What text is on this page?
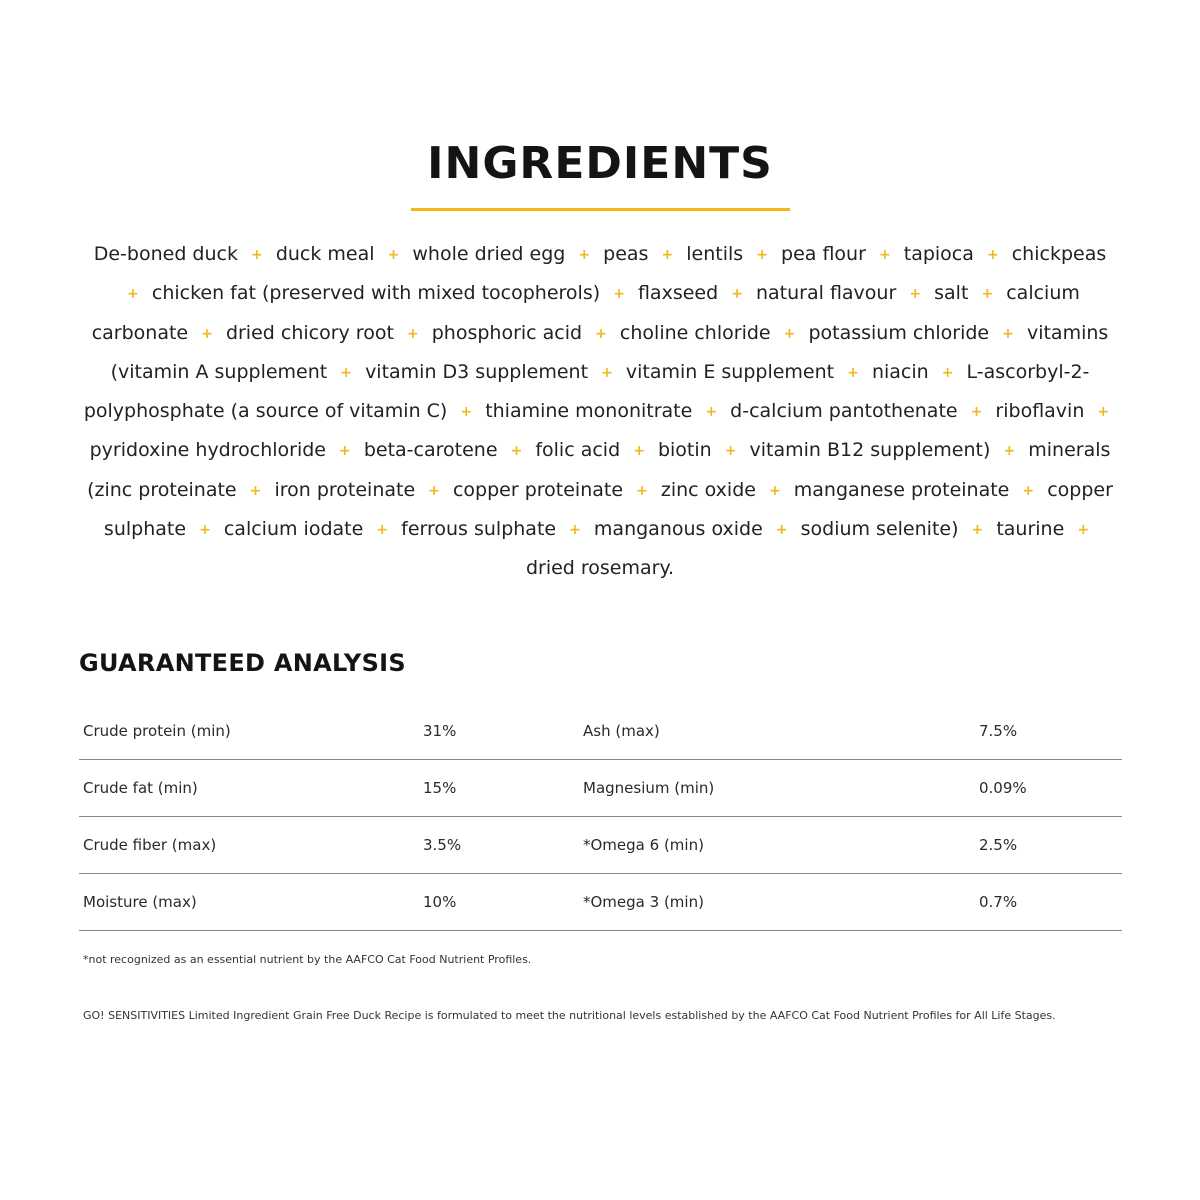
INGREDIENTS

De-boned duck + duck meal + whole dried egg + peas + lentils + pea flour + tapioca + chickpeas + chicken fat (preserved with mixed tocopherols) + flaxseed + natural flavour + salt + calcium carbonate + dried chicory root + phosphoric acid + choline chloride + potassium chloride + vitamins (vitamin A supplement + vitamin D3 supplement + vitamin E supplement + niacin + L-ascorbyl-2-polyphosphate (a source of vitamin C) + thiamine mononitrate + d-calcium pantothenate + riboflavin + pyridoxine hydrochloride + beta-carotene + folic acid + biotin + vitamin B12 supplement) + minerals (zinc proteinate + iron proteinate + copper proteinate + zinc oxide + manganese proteinate + copper sulphate + calcium iodate + ferrous sulphate + manganous oxide + sodium selenite) + taurine + dried rosemary.

GUARANTEED ANALYSIS
Crude protein (min)	31%	Ash (max)	7.5%
Crude fat (min)	15%	Magnesium (min)	0.09%
Crude fiber (max)	3.5%	*Omega 6 (min)	2.5%
Moisture (max)	10%	*Omega 3 (min)	0.7%

*not recognized as an essential nutrient by the AAFCO Cat Food Nutrient Profiles.

GO! SENSITIVITIES Limited Ingredient Grain Free Duck Recipe is formulated to meet the nutritional levels established by the AAFCO Cat Food Nutrient Profiles for All Life Stages.
